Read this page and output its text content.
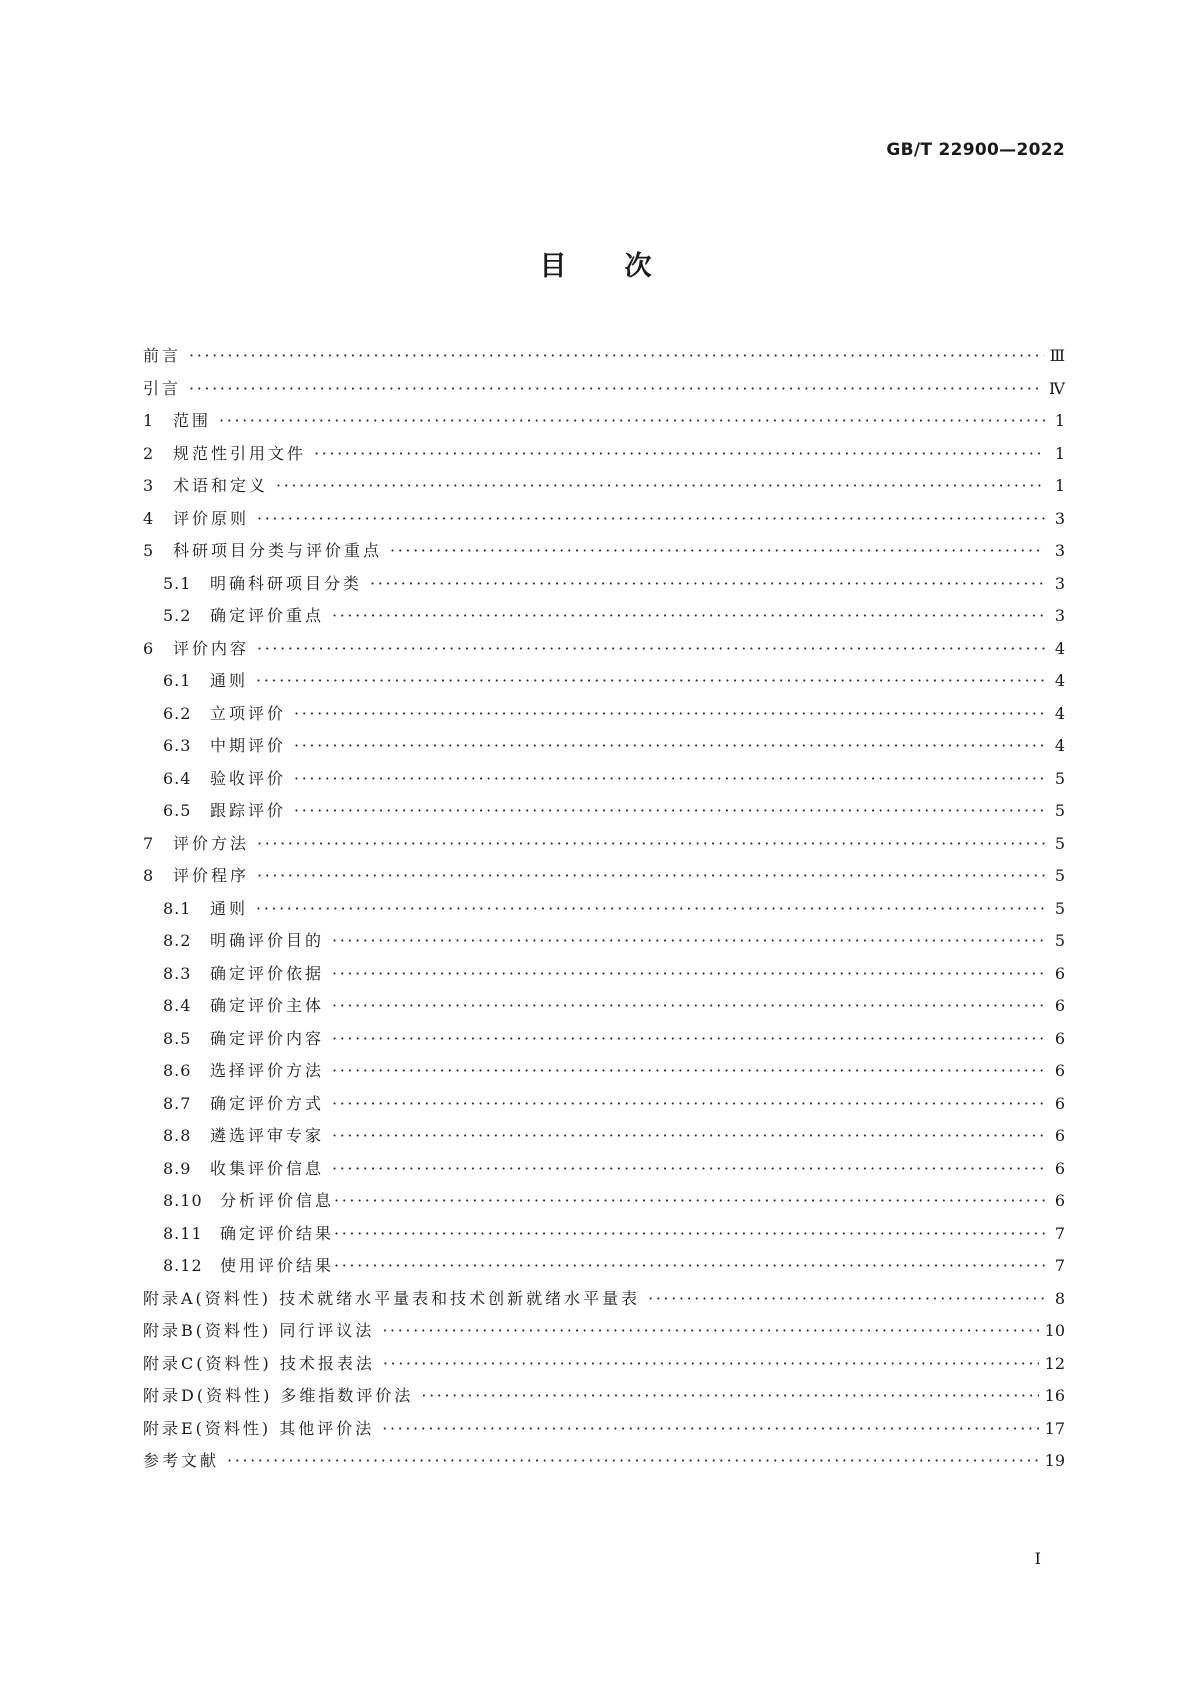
GB/T 22900—2022
目次
前言 ·····	Ⅲ
引言 ·····	Ⅳ
1	范围 ·····	1
2	规范性引用文件 ·····	1
3	术语和定义 ·····	1
4	评价原则 ·····	3
5	科研项目分类与评价重点 ·····	3
5.1	明确科研项目分类 ·····	3
5.2	确定评价重点 ·····	3
6	评价内容 ·····	4
6.1	通则 ·····	4
6.2	立项评价 ·····	4
6.3	中期评价 ·····	4
6.4	验收评价 ·····	5
6.5	跟踪评价 ·····	5
7	评价方法 ·····	5
8	评价程序 ·····	5
8.1	通则 ·····	5
8.2	明确评价目的 ·····	5
8.3	确定评价依据 ·····	6
8.4	确定评价主体 ·····	6
8.5	确定评价内容 ·····	6
8.6	选择评价方法 ·····	6
8.7	确定评价方式 ·····	6
8.8	遴选评审专家 ·····	6
8.9	收集评价信息 ·····	6
8.10	分析评价信息 ·····	6
8.11	确定评价结果 ·····	7
8.12	使用评价结果 ·····	7
附录A(资料性) 技术就绪水平量表和技术创新就绪水平量表 ·····	8
附录B(资料性) 同行评议法 ·····	10
附录C(资料性) 技术报表法 ·····	12
附录D(资料性) 多维指数评价法 ·····	16
附录E(资料性) 其他评价法 ·····	17
参考文献 ·····	19
I
